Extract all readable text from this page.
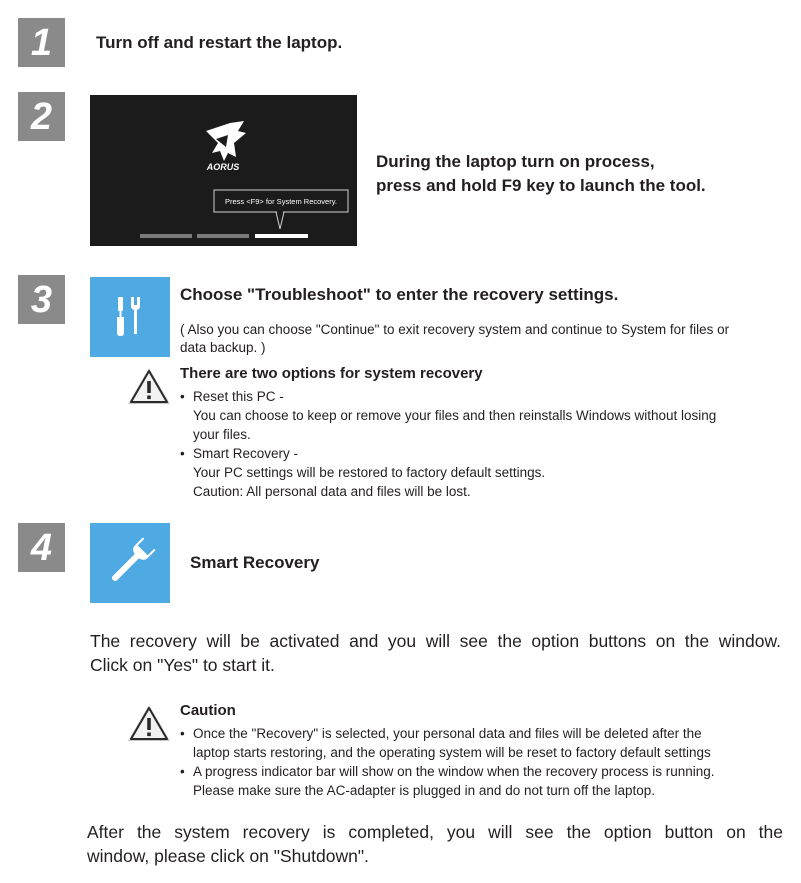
1	Turn off and restart the laptop.
2
AORUS
Press <F9> for System Recovery.
During the laptop turn on process,
press and hold F9 key to launch the tool.
3	Choose "Troubleshoot" to enter the recovery settings.
( Also you can choose "Continue" to exit recovery system and continue to System for files or
data backup. )
There are two options for system recovery
• Reset this PC -
You can choose to keep or remove your files and then reinstalls Windows without losing
your files.
• Smart Recovery -
Your PC settings will be restored to factory default settings.
Caution: All personal data and files will be lost.
4	Smart Recovery
The recovery will be activated and you will see the option buttons on the window.
Click on "Yes" to start it.
Caution
• Once the "Recovery" is selected, your personal data and files will be deleted after the
laptop starts restoring, and the operating system will be reset to factory default settings
• A progress indicator bar will show on the window when the recovery process is running.
Please make sure the AC-adapter is plugged in and do not turn off the laptop.
After the system recovery is completed, you will see the option button on the
window, please click on "Shutdown".
